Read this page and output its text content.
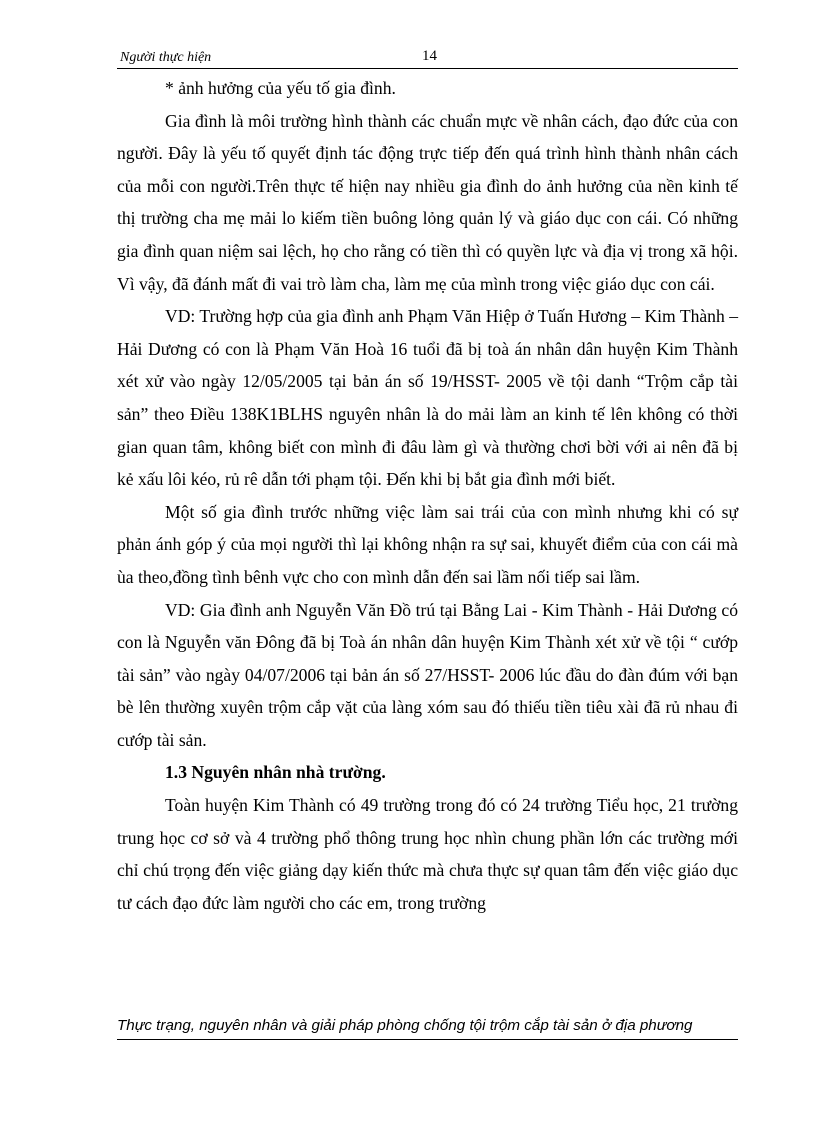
Người thực hiện	14

* ảnh hưởng của yếu tố gia đình.

Gia đình là môi trường hình thành các chuẩn mực về nhân cách, đạo đức của con người. Đây là yếu tố quyết định tác động trực tiếp đến quá trình hình thành nhân cách của mỗi con người.Trên thực tế hiện nay nhiều gia đình do ảnh hưởng của nền kinh tế thị trường cha mẹ mải lo kiếm tiền buông lỏng quản lý và giáo dục con cái. Có những gia đình quan niệm sai lệch, họ cho rằng có tiền thì có quyền lực và địa vị trong xã hội. Vì vậy, đã đánh mất đi vai trò làm cha, làm mẹ của mình trong việc giáo dục con cái.

VD: Trường hợp của gia đình anh Phạm Văn Hiệp ở Tuấn Hương – Kim Thành – Hải Dương có con là Phạm Văn Hoà 16 tuổi đã bị toà án nhân dân huyện Kim Thành xét xử vào ngày 12/05/2005 tại bản án số 19/HSST- 2005 về tội danh “Trộm cắp tài sản” theo Điều 138K1BLHS nguyên nhân là do mải làm an kinh tế lên không có thời gian quan tâm, không biết con mình đi đâu làm gì và thường chơi bời với ai nên đã bị kẻ xấu lôi kéo, rủ rê dẫn tới phạm tội. Đến khi bị bắt gia đình mới biết.

Một số gia đình trước những việc làm sai trái của con mình nhưng khi có sự phản ánh góp ý của mọi người thì lại không nhận ra sự sai, khuyết điểm của con cái mà ùa theo,đồng tình bênh vực cho con mình dẫn đến sai lầm nối tiếp sai lầm.

VD: Gia đình anh Nguyễn Văn Đồ trú tại Bằng Lai - Kim Thành - Hải Dương có con là Nguyễn văn Đông đã bị Toà án nhân dân huyện Kim Thành xét xử về tội “ cướp tài sản” vào ngày 04/07/2006 tại bản án số 27/HSST- 2006 lúc đầu do đàn đúm với bạn bè lên thường xuyên trộm cắp vặt của làng xóm sau đó thiếu tiền tiêu xài đã rủ nhau đi cướp tài sản.

1.3 Nguyên nhân nhà trường.

Toàn huyện Kim Thành có 49 trường trong đó có 24 trường Tiểu học, 21 trường trung học cơ sở và 4 trường phổ thông trung học nhìn chung phần lớn các trường mới chỉ chú trọng đến việc giảng dạy kiến thức mà chưa thực sự quan tâm đến việc giáo dục tư cách đạo đức làm người cho các em, trong trường

Thực trạng, nguyên nhân và giải pháp phòng chống tội trộm cắp tài sản ở địa phương
